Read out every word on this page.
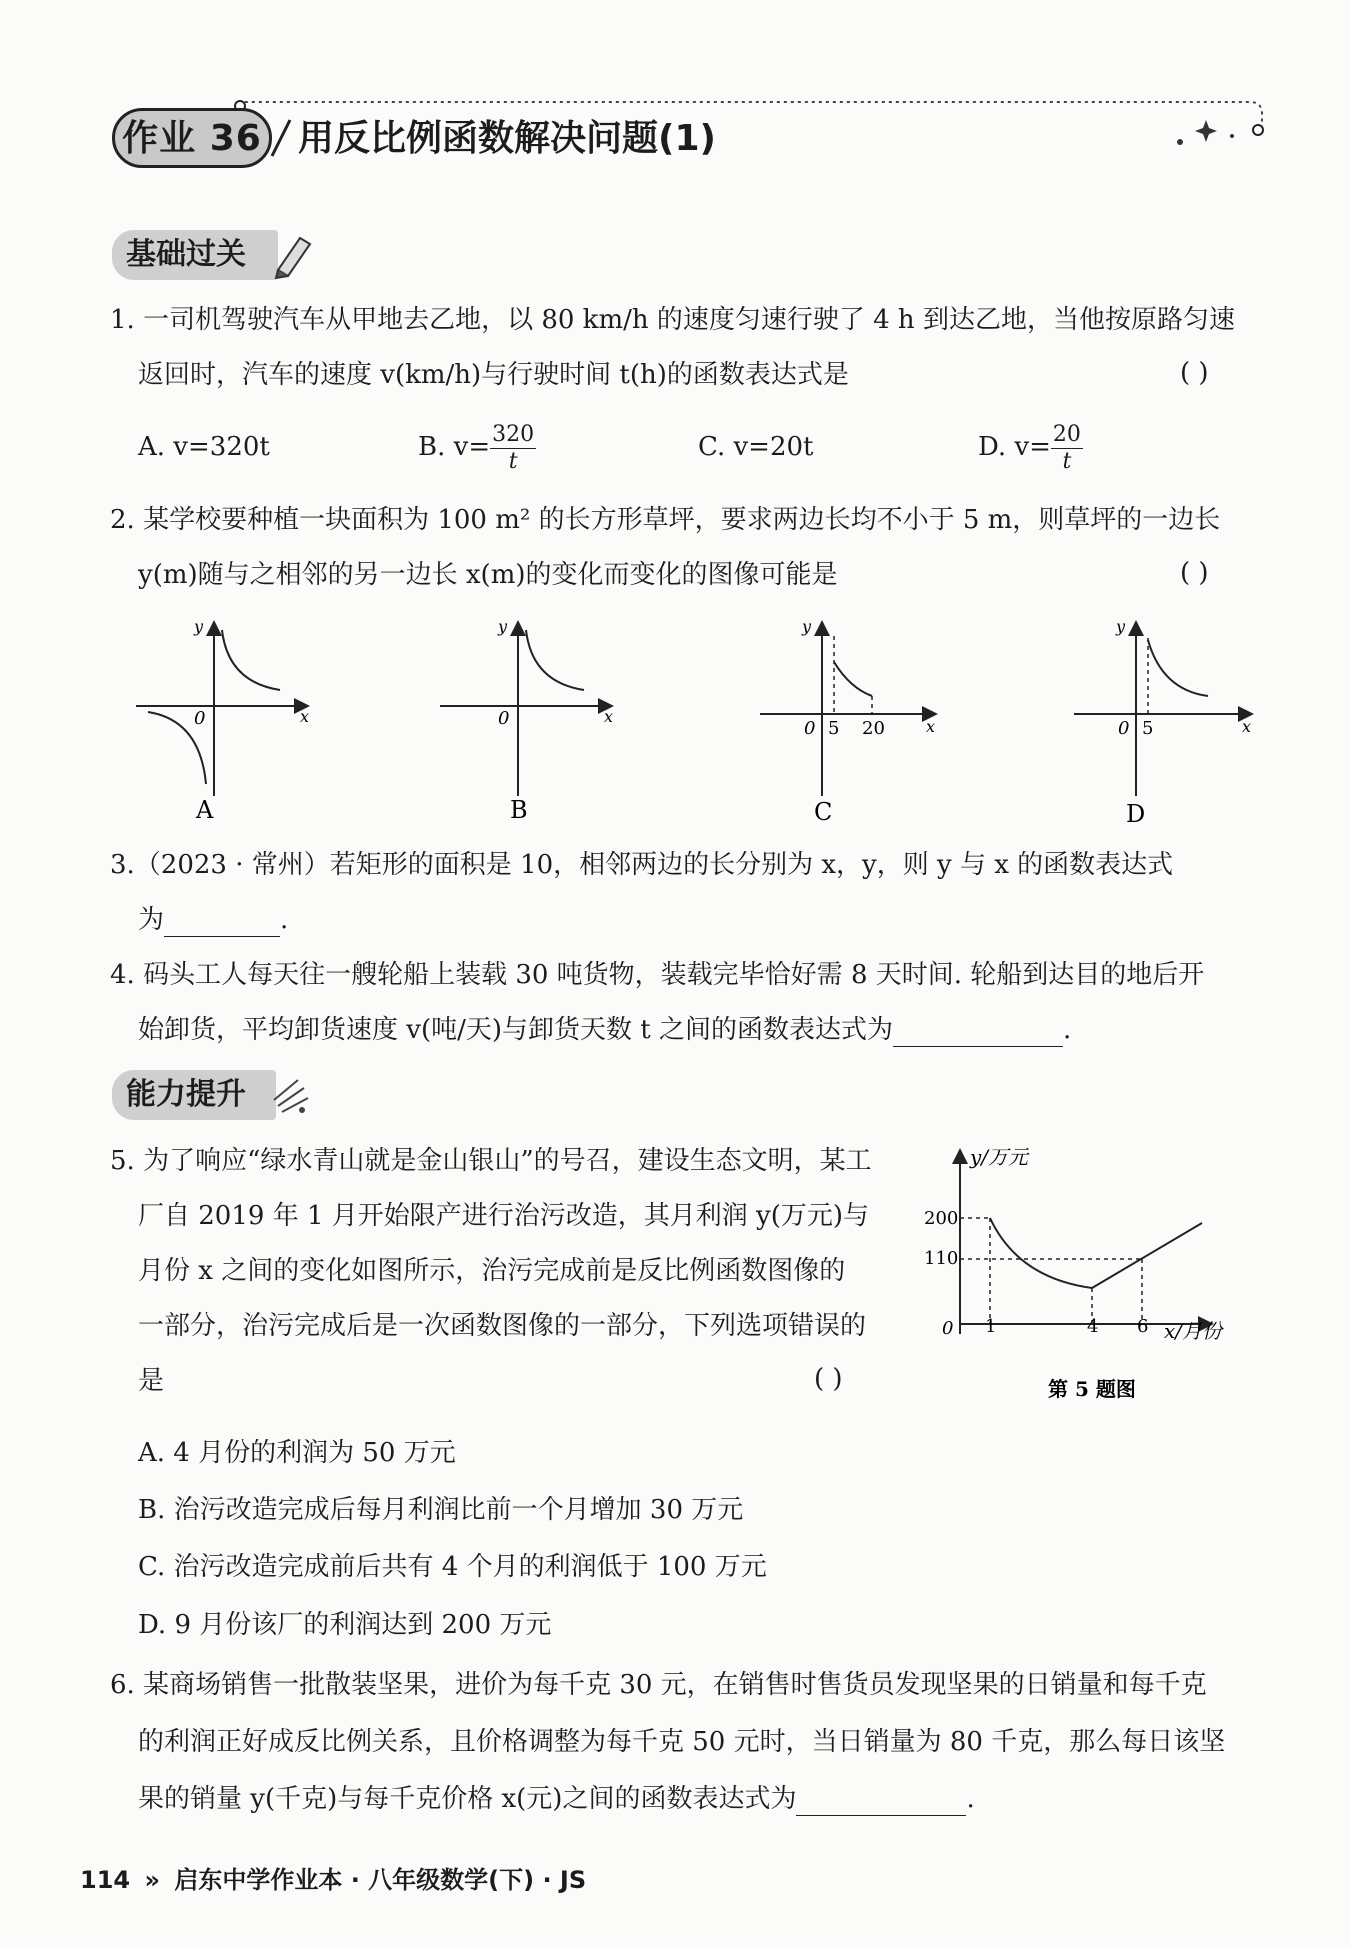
作业 36 用反比例函数解决问题(1)
基础过关
1. 一司机驾驶汽车从甲地去乙地，以 80 km/h 的速度匀速行驶了 4 h 到达乙地，当他按原路匀速
返回时，汽车的速度 v(km/h)与行驶时间 t(h)的函数表达式是	( )
A. v=320t	B. $v= \frac{320}{t}$	C. v=20t	D. $v= \frac{20}{t}$
2. 某学校要种植一块面积为 100 m² 的长方形草坪，要求两边长均不小于 5 m，则草坪的一边长
y(m)随与之相邻的另一边长 x(m)的变化而变化的图像可能是	( )
y
x
0
y
x
0
y
x
0 5 20
y
x
0 5
A	B	C	D
3.（2023 · 常州）若矩形的面积是 10，相邻两边的长分别为 x，y，则 y 与 x 的函数表达式
为	.
4. 码头工人每天往一艘轮船上装载 30 吨货物，装载完毕恰好需 8 天时间. 轮船到达目的地后开
始卸货，平均卸货速度 v(吨/天)与卸货天数 t 之间的函数表达式为	.
能力提升
5. 为了响应“绿水青山就是金山银山”的号召，建设生态文明，某工
厂自 2019 年 1 月开始限产进行治污改造，其月利润 y(万元)与
月份 x 之间的变化如图所示，治污完成前是反比例函数图像的
一部分，治污完成后是一次函数图像的一部分，下列选项错误的
是	( )
y/万元
x/月份
0
200
110
1	4 6
第 5 题图
A. 4 月份的利润为 50 万元
B. 治污改造完成后每月利润比前一个月增加 30 万元
C. 治污改造完成前后共有 4 个月的利润低于 100 万元
D. 9 月份该厂的利润达到 200 万元
6. 某商场销售一批散装坚果，进价为每千克 30 元，在销售时售货员发现坚果的日销量和每千克
的利润正好成反比例关系，且价格调整为每千克 50 元时，当日销量为 80 千克，那么每日该坚
果的销量 y(千克)与每千克价格 x(元)之间的函数表达式为	.
114 » 启东中学作业本 · 八年级数学(下) · JS
